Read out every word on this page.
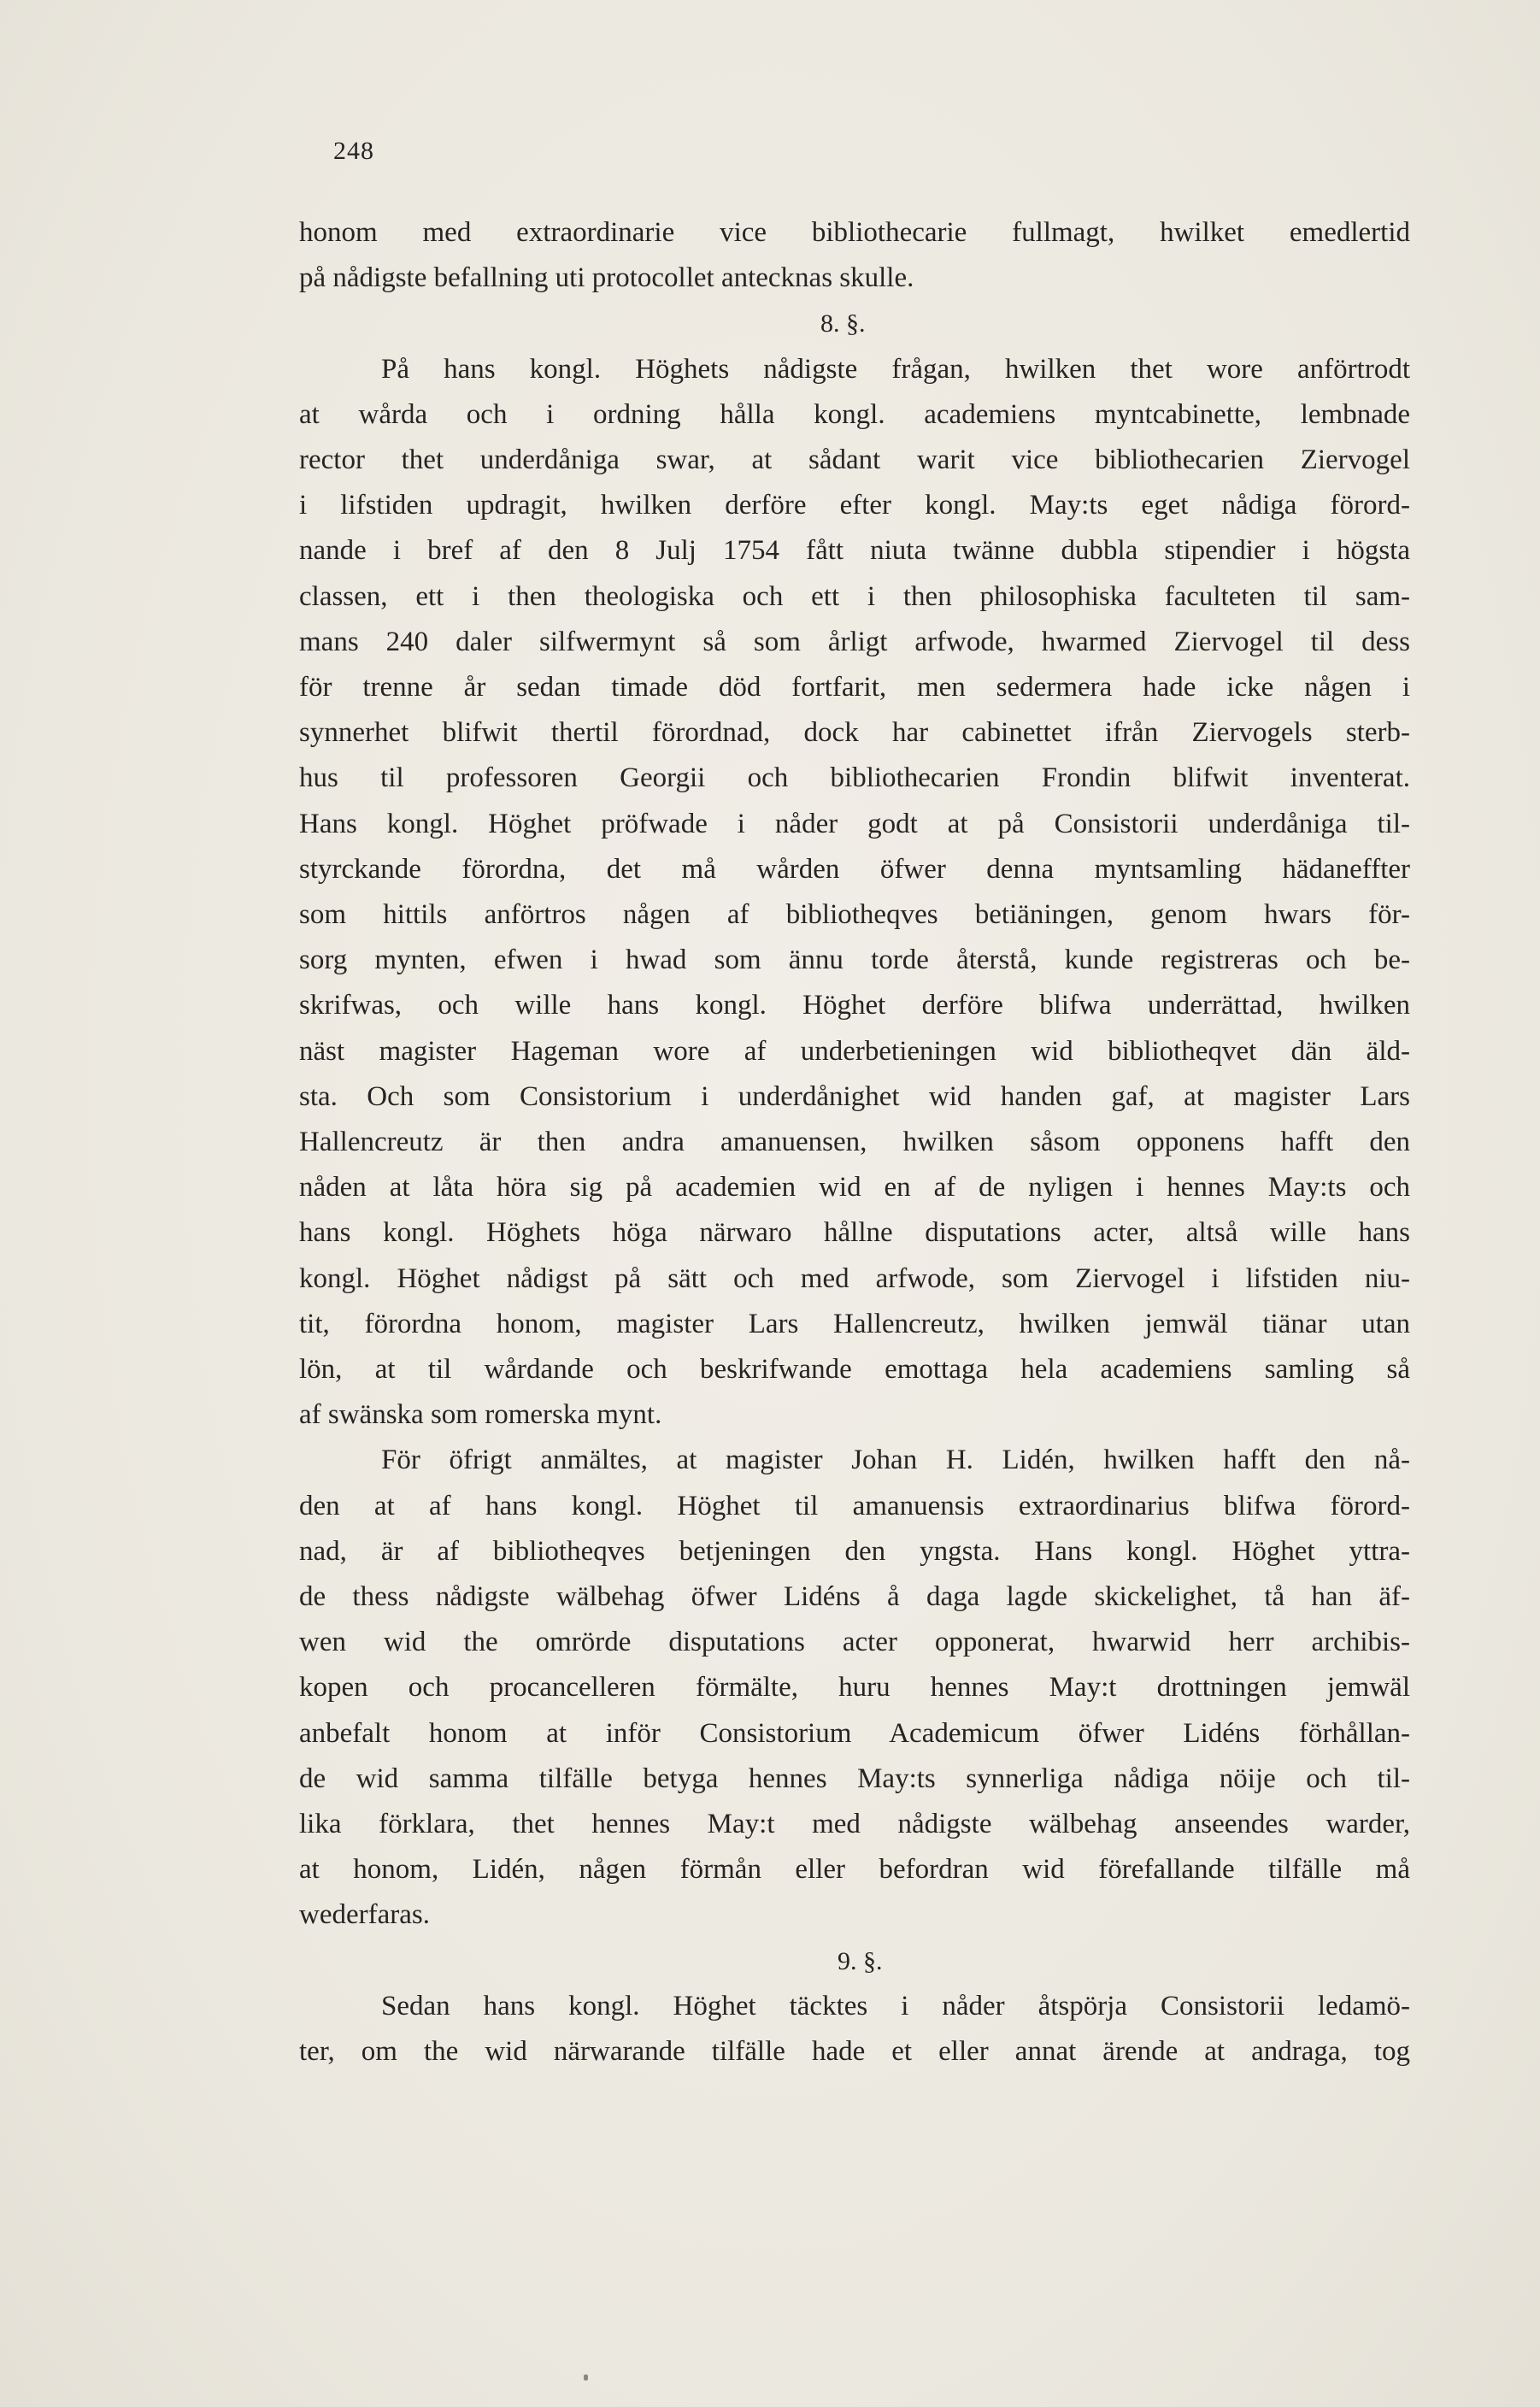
248
honom med extraordinarie vice bibliothecarie fullmagt, hwilket emedlertid
på nådigste befallning uti protocollet antecknas skulle.
8. §.
På hans kongl. Höghets nådigste frågan, hwilken thet wore anförtrodt
at wårda och i ordning hålla kongl. academiens myntcabinette, lembnade
rector thet underdåniga swar, at sådant warit vice bibliothecarien Ziervogel
i lifstiden updragit, hwilken derföre efter kongl. May:ts eget nådiga förord-
nande i bref af den 8 Julj 1754 fått niuta twänne dubbla stipendier i högsta
classen, ett i then theologiska och ett i then philosophiska faculteten til sam-
mans 240 daler silfwermynt så som årligt arfwode, hwarmed Ziervogel til dess
för trenne år sedan timade död fortfarit, men sedermera hade icke någen i
synnerhet blifwit thertil förordnad, dock har cabinettet ifrån Ziervogels sterb-
hus til professoren Georgii och bibliothecarien Frondin blifwit inventerat.
Hans kongl. Höghet pröfwade i nåder godt at på Consistorii underdåniga til-
styrckande förordna, det må wården öfwer denna myntsamling hädaneffter
som hittils anförtros någen af bibliotheqves betiäningen, genom hwars för-
sorg mynten, efwen i hwad som ännu torde återstå, kunde registreras och be-
skrifwas, och wille hans kongl. Höghet derföre blifwa underrättad, hwilken
näst magister Hageman wore af underbetieningen wid bibliotheqvet dän äld-
sta. Och som Consistorium i underdånighet wid handen gaf, at magister Lars
Hallencreutz är then andra amanuensen, hwilken såsom opponens hafft den
nåden at låta höra sig på academien wid en af de nyligen i hennes May:ts och
hans kongl. Höghets höga närwaro hållne disputations acter, altså wille hans
kongl. Höghet nådigst på sätt och med arfwode, som Ziervogel i lifstiden niu-
tit, förordna honom, magister Lars Hallencreutz, hwilken jemwäl tiänar utan
lön, at til wårdande och beskrifwande emottaga hela academiens samling så
af swänska som romerska mynt.
För öfrigt anmältes, at magister Johan H. Lidén, hwilken hafft den nå-
den at af hans kongl. Höghet til amanuensis extraordinarius blifwa förord-
nad, är af bibliotheqves betjeningen den yngsta. Hans kongl. Höghet yttra-
de thess nådigste wälbehag öfwer Lidéns å daga lagde skickelighet, tå han äf-
wen wid the omrörde disputations acter opponerat, hwarwid herr archibis-
kopen och procancelleren förmälte, huru hennes May:t drottningen jemwäl
anbefalt honom at inför Consistorium Academicum öfwer Lidéns förhållan-
de wid samma tilfälle betyga hennes May:ts synnerliga nådiga nöije och til-
lika förklara, thet hennes May:t med nådigste wälbehag anseendes warder,
at honom, Lidén, någen förmån eller befordran wid förefallande tilfälle må
wederfaras.
9. §.
Sedan hans kongl. Höghet täcktes i nåder åtspörja Consistorii ledamö-
ter, om the wid närwarande tilfälle hade et eller annat ärende at andraga, tog
